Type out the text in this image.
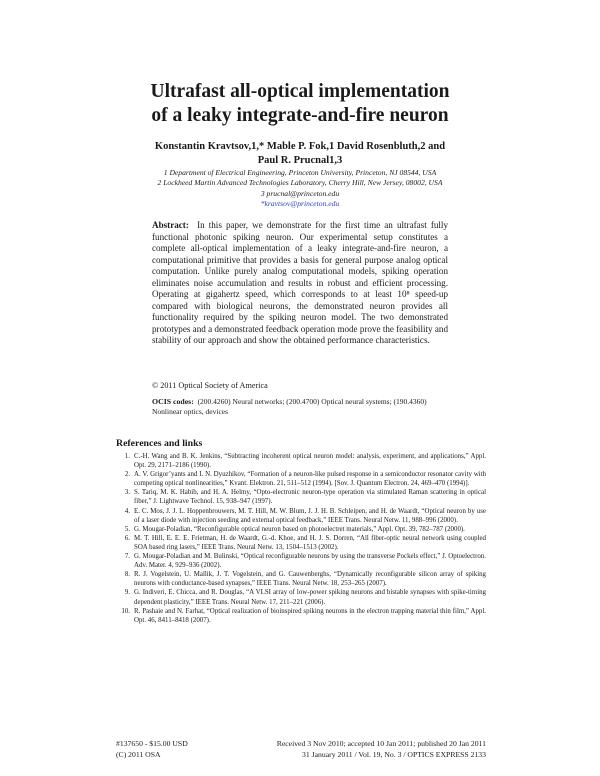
Ultrafast all-optical implementation
of a leaky integrate-and-fire neuron
Konstantin Kravtsov,1,* Mable P. Fok,1 David Rosenbluth,2 and
Paul R. Prucnal1,3
1 Department of Electrical Engineering, Princeton University, Princeton, NJ 08544, USA
2 Lockheed Martin Advanced Technologies Laboratory, Cherry Hill, New Jersey, 08002, USA
3 prucnal@princeton.edu
*kravtsov@princeton.edu
Abstract: In this paper, we demonstrate for the first time an ultrafast fully functional photonic spiking neuron. Our experimental setup constitutes a complete all-optical implementation of a leaky integrate-and-fire neuron, a computational primitive that provides a basis for general purpose analog optical computation. Unlike purely analog computational models, spiking operation eliminates noise accumulation and results in robust and efficient processing. Operating at gigahertz speed, which corresponds to at least 10⁸ speed-up compared with biological neurons, the demonstrated neuron provides all functionality required by the spiking neuron model. The two demonstrated prototypes and a demonstrated feedback operation mode prove the feasibility and stability of our approach and show the obtained performance characteristics.
© 2011 Optical Society of America
OCIS codes: (200.4260) Neural networks; (200.4700) Optical neural systems; (190.4360) Nonlinear optics, devices
References and links
1. C.-H. Wang and B. K. Jenkins, “Subtracting incoherent optical neuron model: analysis, experiment, and applications,” Appl. Opt. 29, 2171–2186 (1990).
2. A. V. Grigor’yants and I. N. Dyuzhikov, “Formation of a neuron-like pulsed response in a semiconductor resonator cavity with competing optical nonlinearities,” Kvant. Elektron. 21, 511–512 (1994). [Sov. J. Quantum Electron. 24, 469–470 (1994)].
3. S. Tariq, M. K. Habib, and H. A. Helmy, “Opto-electronic neuron-type operation via stimulated Raman scattering in optical fiber,” J. Lightwave Technol. 15, 938–947 (1997).
4. E. C. Mos, J. J. L. Hoppenbrouwers, M. T. Hill, M. W. Blum, J. J. H. B. Schleipen, and H. de Waardt, “Optical neuron by use of a laser diode with injection seeding and external optical feedback,” IEEE Trans. Neural Netw. 11, 988–996 (2000).
5. G. Mougar-Poladian, “Reconfigurable optical neuron based on photoelectret materials,” Appl. Opt. 39, 782–787 (2000).
6. M. T. Hill, E. E. E. Frietman, H. de Waardt, G.-d. Khoe, and H. J. S. Dorren, “All fiber-optic neural network using coupled SOA based ring lasers,” IEEE Trans. Neural Netw. 13, 1504–1513 (2002).
7. G. Mougar-Poladian and M. Bulinski, “Optical reconfigurable neurons by using the transverse Pockels effect,” J. Optoelectron. Adv. Mater. 4, 929–936 (2002).
8. R. J. Vogelstein, U. Mallik, J. T. Vogelstein, and G. Cauwenberghs, “Dynamically reconfigurable silicon array of spiking neurons with conductance-based synapses,” IEEE Trans. Neural Netw. 18, 253–265 (2007).
9. G. Indiveri, E. Chicca, and R. Douglas, “A VLSI array of low-power spiking neurons and bistable synapses with spike-timing dependent plasticity,” IEEE Trans. Neural Netw. 17, 211–221 (2006).
10. R. Pashaie and N. Farhat, “Optical realization of bioinspired spiking neurons in the electron trapping material thin film,” Appl. Opt. 46, 8411–8418 (2007).
#137650 - $15.00 USD
(C) 2011 OSA
Received 3 Nov 2010; accepted 10 Jan 2011; published 20 Jan 2011
31 January 2011 / Vol. 19, No. 3 / OPTICS EXPRESS 2133
